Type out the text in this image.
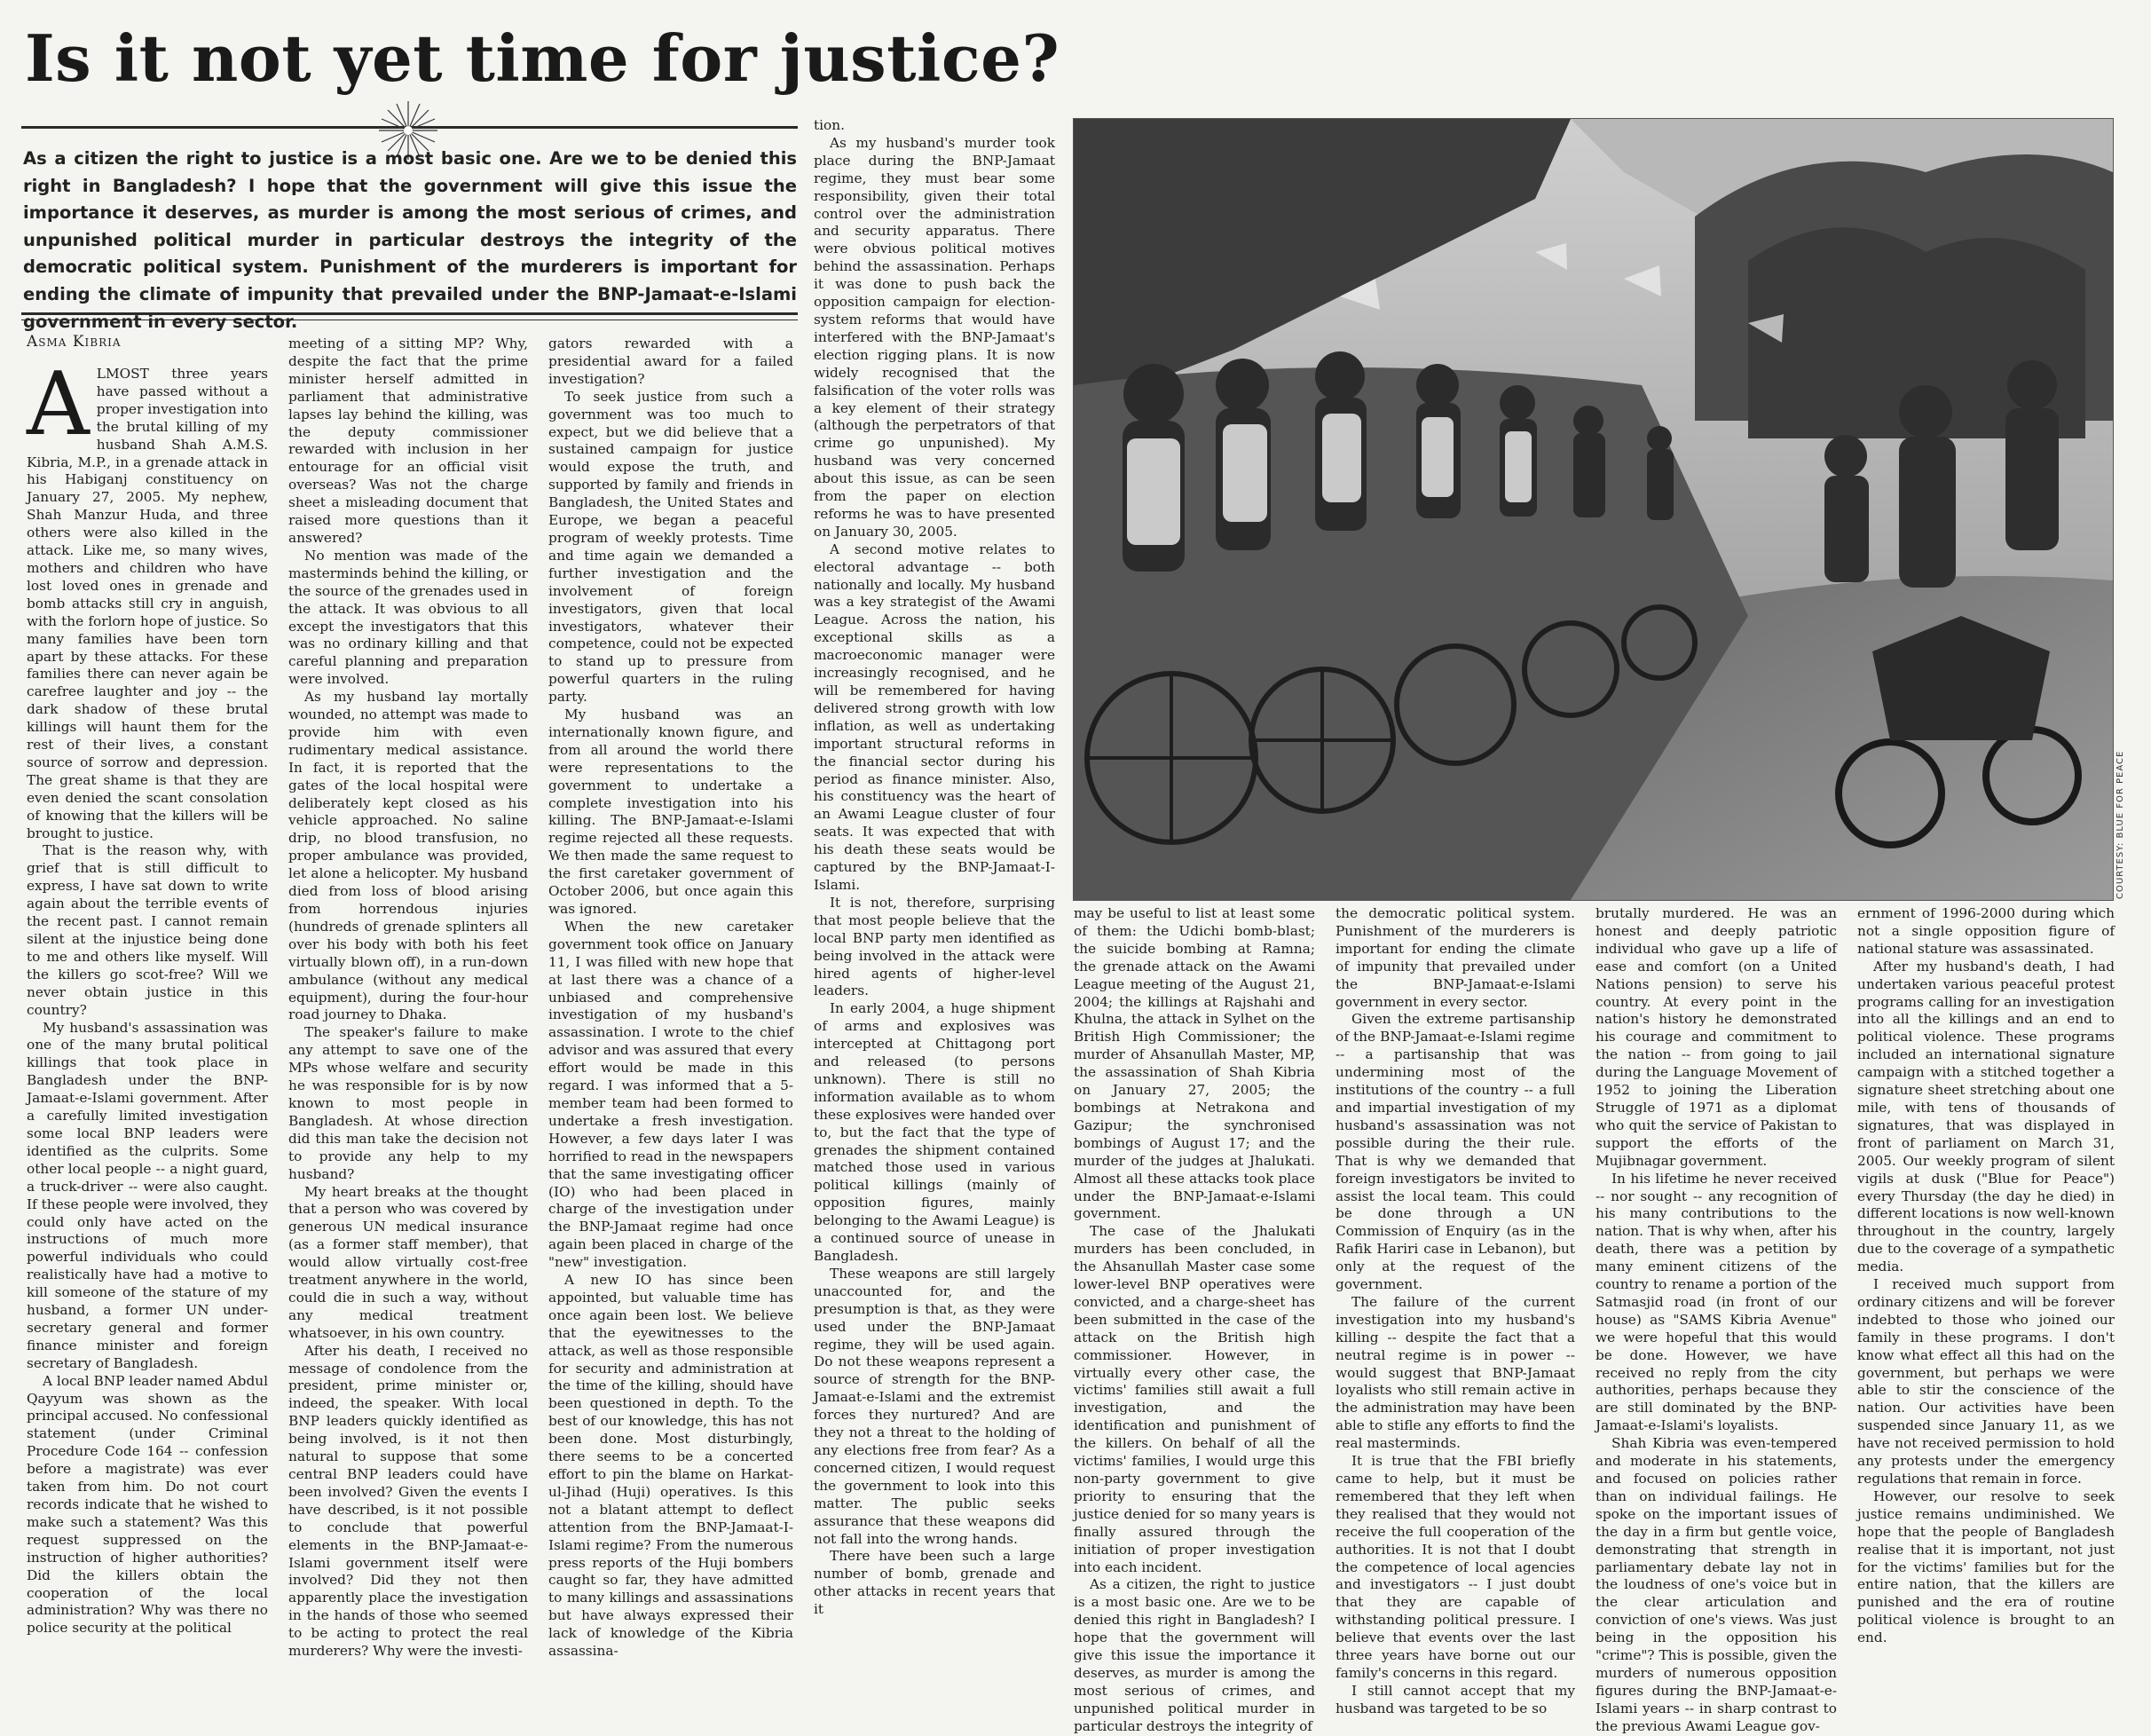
Is it not yet time for justice?

As a citizen the right to justice is a most basic one. Are we to be denied this right in Bangladesh? I hope that the government will give this issue the importance it deserves, as murder is among the most serious of crimes, and unpunished political murder in particular destroys the integrity of the democratic political system. Punishment of the murderers is important for ending the climate of impunity that prevailed under the BNP-Jamaat-e-Islami government in every sector.

Asma Kibria
A LMOST three years have passed without a proper investigation into the brutal killing of my husband Shah A.M.S. Kibria, M.P., in a grenade attack in his Habiganj constituency on January 27, 2005. My nephew, Shah Manzur Huda, and three others were also killed in the attack. Like me, so many wives, mothers and children who have lost loved ones in grenade and bomb attacks still cry in anguish, with the forlorn hope of justice. So many families have been torn apart by these attacks. For these families there can never again be carefree laughter and joy -- the dark shadow of these brutal killings will haunt them for the rest of their lives, a constant source of sorrow and depression. The great shame is that they are even denied the scant consolation of knowing that the killers will be brought to justice.

That is the reason why, with grief that is still difficult to express, I have sat down to write again about the terrible events of the recent past. I cannot remain silent at the injustice being done to me and others like myself. Will the killers go scot-free? Will we never obtain justice in this country?

My husband's assassination was one of the many brutal political killings that took place in Bangladesh under the BNP-Jamaat-e-Islami government. After a carefully limited investigation some local BNP leaders were identified as the culprits. Some other local people -- a night guard, a truck-driver -- were also caught. If these people were involved, they could only have acted on the instructions of much more powerful individuals who could realistically have had a motive to kill someone of the stature of my husband, a former UN under-secretary general and former finance minister and foreign secretary of Bangladesh.

A local BNP leader named Abdul Qayyum was shown as the principal accused. No confessional statement (under Criminal Procedure Code 164 -- confession before a magistrate) was ever taken from him. Do not court records indicate that he wished to make such a statement? Was this request suppressed on the instruction of higher authorities? Did the killers obtain the cooperation of the local administration? Why was there no police security at the political

meeting of a sitting MP? Why, despite the fact that the prime minister herself admitted in parliament that administrative lapses lay behind the killing, was the deputy commissioner rewarded with inclusion in her entourage for an official visit overseas? Was not the charge sheet a misleading document that raised more questions than it answered?

No mention was made of the masterminds behind the killing, or the source of the grenades used in the attack. It was obvious to all except the investigators that this was no ordinary killing and that careful planning and preparation were involved.

As my husband lay mortally wounded, no attempt was made to provide him with even rudimentary medical assistance. In fact, it is reported that the gates of the local hospital were deliberately kept closed as his vehicle approached. No saline drip, no blood transfusion, no proper ambulance was provided, let alone a helicopter. My husband died from loss of blood arising from horrendous injuries (hundreds of grenade splinters all over his body with both his feet virtually blown off), in a run-down ambulance (without any medical equipment), during the four-hour road journey to Dhaka.

The speaker's failure to make any attempt to save one of the MPs whose welfare and security he was responsible for is by now known to most people in Bangladesh. At whose direction did this man take the decision not to provide any help to my husband?

My heart breaks at the thought that a person who was covered by generous UN medical insurance (as a former staff member), that would allow virtually cost-free treatment anywhere in the world, could die in such a way, without any medical treatment whatsoever, in his own country.

After his death, I received no message of condolence from the president, prime minister or, indeed, the speaker. With local BNP leaders quickly identified as being involved, is it not then natural to suppose that some central BNP leaders could have been involved? Given the events I have described, is it not possible to conclude that powerful elements in the BNP-Jamaat-e-Islami government itself were involved? Did they not then apparently place the investigation in the hands of those who seemed to be acting to protect the real murderers? Why were the investi-

gators rewarded with a presidential award for a failed investigation?

To seek justice from such a government was too much to expect, but we did believe that a sustained campaign for justice would expose the truth, and supported by family and friends in Bangladesh, the United States and Europe, we began a peaceful program of weekly protests. Time and time again we demanded a further investigation and the involvement of foreign investigators, given that local investigators, whatever their competence, could not be expected to stand up to pressure from powerful quarters in the ruling party.

My husband was an internationally known figure, and from all around the world there were representations to the government to undertake a complete investigation into his killing. The BNP-Jamaat-e-Islami regime rejected all these requests. We then made the same request to the first caretaker government of October 2006, but once again this was ignored.

When the new caretaker government took office on January 11, I was filled with new hope that at last there was a chance of a unbiased and comprehensive investigation of my husband's assassination. I wrote to the chief advisor and was assured that every effort would be made in this regard. I was informed that a 5-member team had been formed to undertake a fresh investigation. However, a few days later I was horrified to read in the newspapers that the same investigating officer (IO) who had been placed in charge of the investigation under the BNP-Jamaat regime had once again been placed in charge of the "new" investigation.

A new IO has since been appointed, but valuable time has once again been lost. We believe that the eyewitnesses to the attack, as well as those responsible for security and administration at the time of the killing, should have been questioned in depth. To the best of our knowledge, this has not been done. Most disturbingly, there seems to be a concerted effort to pin the blame on Harkat-ul-Jihad (Huji) operatives. Is this not a blatant attempt to deflect attention from the BNP-Jamaat-I-Islami regime? From the numerous press reports of the Huji bombers caught so far, they have admitted to many killings and assassinations but have always expressed their lack of knowledge of the Kibria assassina-

tion.

As my husband's murder took place during the BNP-Jamaat regime, they must bear some responsibility, given their total control over the administration and security apparatus. There were obvious political motives behind the assassination. Perhaps it was done to push back the opposition campaign for election-system reforms that would have interfered with the BNP-Jamaat's election rigging plans. It is now widely recognised that the falsification of the voter rolls was a key element of their strategy (although the perpetrators of that crime go unpunished). My husband was very concerned about this issue, as can be seen from the paper on election reforms he was to have presented on January 30, 2005.

A second motive relates to electoral advantage -- both nationally and locally. My husband was a key strategist of the Awami League. Across the nation, his exceptional skills as a macroeconomic manager were increasingly recognised, and he will be remembered for having delivered strong growth with low inflation, as well as undertaking important structural reforms in the financial sector during his period as finance minister. Also, his constituency was the heart of an Awami League cluster of four seats. It was expected that with his death these seats would be captured by the BNP-Jamaat-I-Islami.

It is not, therefore, surprising that most people believe that the local BNP party men identified as being involved in the attack were hired agents of higher-level leaders.

In early 2004, a huge shipment of arms and explosives was intercepted at Chittagong port and released (to persons unknown). There is still no information available as to whom these explosives were handed over to, but the fact that the type of grenades the shipment contained matched those used in various political killings (mainly of opposition figures, mainly belonging to the Awami League) is a continued source of unease in Bangladesh.

These weapons are still largely unaccounted for, and the presumption is that, as they were used under the BNP-Jamaat regime, they will be used again. Do not these weapons represent a source of strength for the BNP-Jamaat-e-Islami and the extremist forces they nurtured? And are they not a threat to the holding of any elections free from fear? As a concerned citizen, I would request the government to look into this matter. The public seeks assurance that these weapons did not fall into the wrong hands.

There have been such a large number of bomb, grenade and other attacks in recent years that it

COURTESY: BLUE FOR PEACE

may be useful to list at least some of them: the Udichi bomb-blast; the suicide bombing at Ramna; the grenade attack on the Awami League meeting of the August 21, 2004; the killings at Rajshahi and Khulna, the attack in Sylhet on the British High Commissioner; the murder of Ahsanullah Master, MP, the assassination of Shah Kibria on January 27, 2005; the bombings at Netrakona and Gazipur; the synchronised bombings of August 17; and the murder of the judges at Jhalukati. Almost all these attacks took place under the BNP-Jamaat-e-Islami government.

The case of the Jhalukati murders has been concluded, in the Ahsanullah Master case some lower-level BNP operatives were convicted, and a charge-sheet has been submitted in the case of the attack on the British high commissioner. However, in virtually every other case, the victims' families still await a full investigation, and the identification and punishment of the killers. On behalf of all the victims' families, I would urge this non-party government to give priority to ensuring that the justice denied for so many years is finally assured through the initiation of proper investigation into each incident.

As a citizen, the right to justice is a most basic one. Are we to be denied this right in Bangladesh? I hope that the government will give this issue the importance it deserves, as murder is among the most serious of crimes, and unpunished political murder in particular destroys the integrity of

the democratic political system. Punishment of the murderers is important for ending the climate of impunity that prevailed under the BNP-Jamaat-e-Islami government in every sector.

Given the extreme partisanship of the BNP-Jamaat-e-Islami regime -- a partisanship that was undermining most of the institutions of the country -- a full and impartial investigation of my husband's assassination was not possible during the their rule. That is why we demanded that foreign investigators be invited to assist the local team. This could be done through a UN Commission of Enquiry (as in the Rafik Hariri case in Lebanon), but only at the request of the government.

The failure of the current investigation into my husband's killing -- despite the fact that a neutral regime is in power -- would suggest that BNP-Jamaat loyalists who still remain active in the administration may have been able to stifle any efforts to find the real masterminds.

It is true that the FBI briefly came to help, but it must be remembered that they left when they realised that they would not receive the full cooperation of the authorities. It is not that I doubt the competence of local agencies and investigators -- I just doubt that they are capable of withstanding political pressure. I believe that events over the last three years have borne out our family's concerns in this regard.

I still cannot accept that my husband was targeted to be so

brutally murdered. He was an honest and deeply patriotic individual who gave up a life of ease and comfort (on a United Nations pension) to serve his country. At every point in the nation's history he demonstrated his courage and commitment to the nation -- from going to jail during the Language Movement of 1952 to joining the Liberation Struggle of 1971 as a diplomat who quit the service of Pakistan to support the efforts of the Mujibnagar government.

In his lifetime he never received -- nor sought -- any recognition of his many contributions to the nation. That is why when, after his death, there was a petition by many eminent citizens of the country to rename a portion of the Satmasjid road (in front of our house) as "SAMS Kibria Avenue" we were hopeful that this would be done. However, we have received no reply from the city authorities, perhaps because they are still dominated by the BNP-Jamaat-e-Islami's loyalists.

Shah Kibria was even-tempered and moderate in his statements, and focused on policies rather than on individual failings. He spoke on the important issues of the day in a firm but gentle voice, demonstrating that strength in parliamentary debate lay not in the loudness of one's voice but in the clear articulation and conviction of one's views. Was just being in the opposition his "crime"? This is possible, given the murders of numerous opposition figures during the BNP-Jamaat-e-Islami years -- in sharp contrast to the previous Awami League gov-

ernment of 1996-2000 during which not a single opposition figure of national stature was assassinated.

After my husband's death, I had undertaken various peaceful protest programs calling for an investigation into all the killings and an end to political violence. These programs included an international signature campaign with a stitched together a signature sheet stretching about one mile, with tens of thousands of signatures, that was displayed in front of parliament on March 31, 2005. Our weekly program of silent vigils at dusk ("Blue for Peace") every Thursday (the day he died) in different locations is now well-known throughout in the country, largely due to the coverage of a sympathetic media.

I received much support from ordinary citizens and will be forever indebted to those who joined our family in these programs. I don't know what effect all this had on the government, but perhaps we were able to stir the conscience of the nation. Our activities have been suspended since January 11, as we have not received permission to hold any protests under the emergency regulations that remain in force.

However, our resolve to seek justice remains undiminished. We hope that the people of Bangladesh realise that it is important, not just for the victims' families but for the entire nation, that the killers are punished and the era of routine political violence is brought to an end.
